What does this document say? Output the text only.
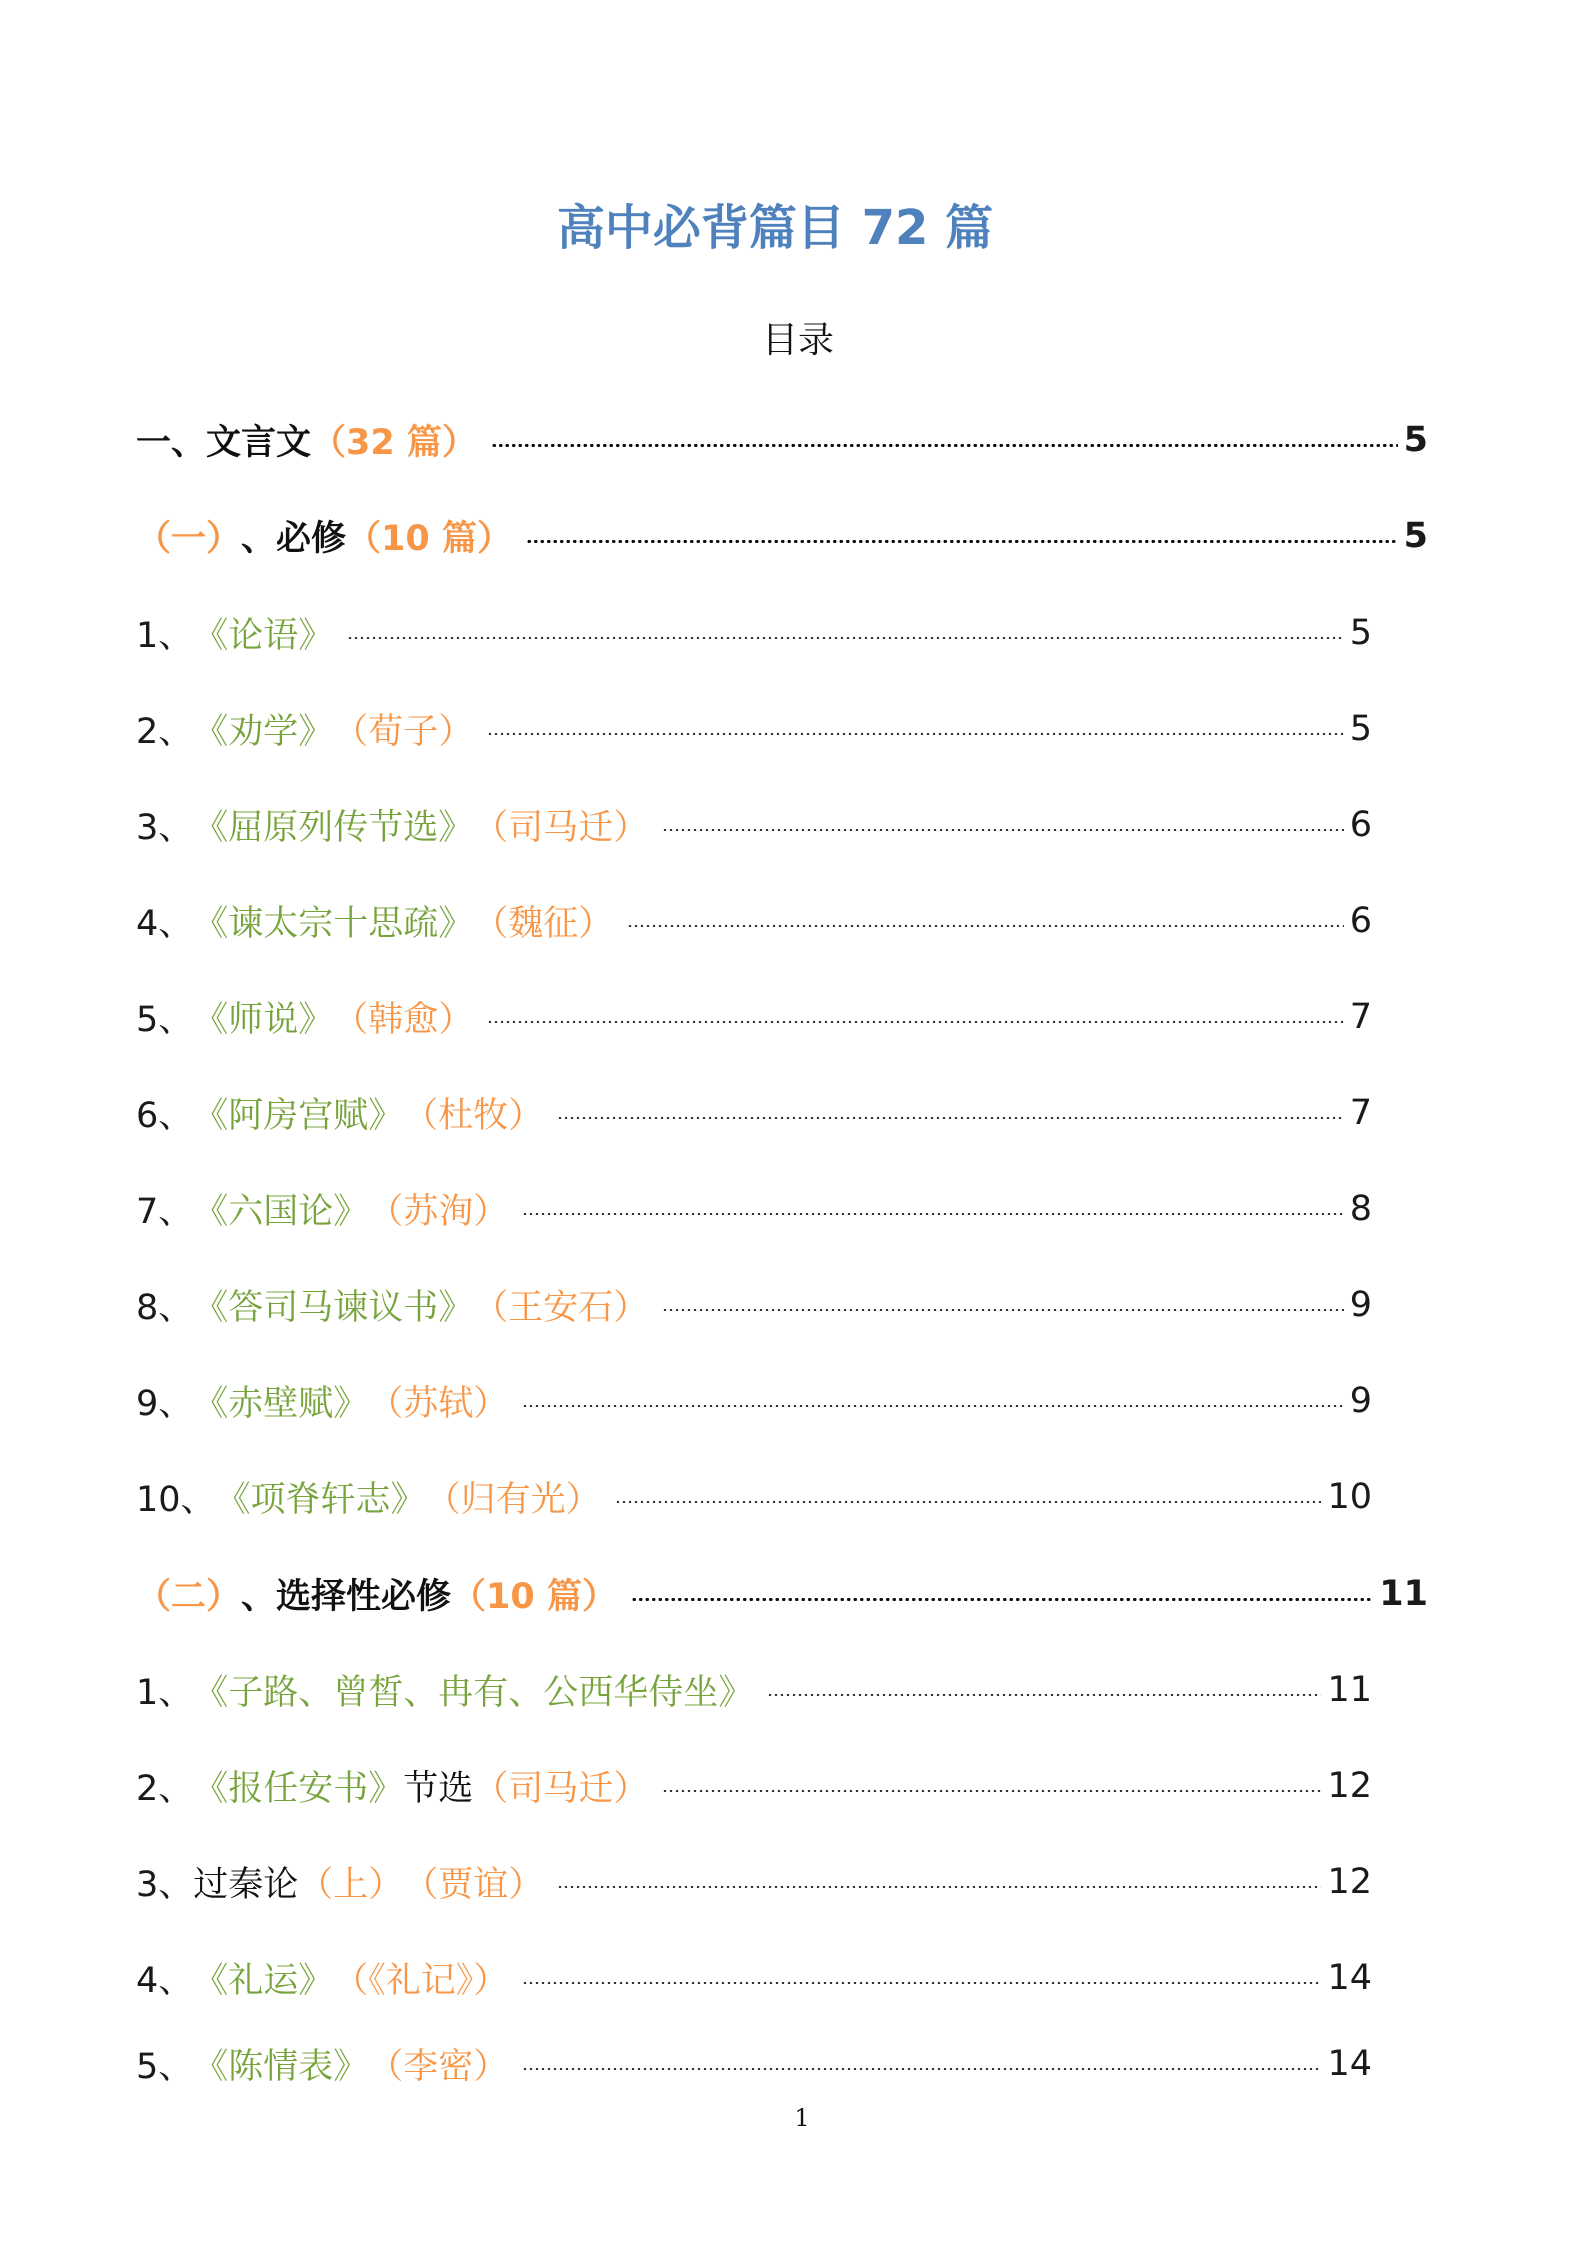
高中必背篇目 72 篇
目录
一、 文言文 （32 篇）	5
（一） 、 必修 （10 篇）	5
1、 《论语》	5
2、 《劝学》 （荀子）	5
3、 《屈原列传节选》 （司马迁）	6
4、 《谏太宗十思疏》 （魏征）	6
5、 《师说》 （韩愈）	7
6、 《阿房宫赋》 （杜牧）	7
7、 《六国论》 （苏洵）	8
8、 《答司马谏议书》 （王安石）	9
9、 《赤壁赋》 （苏轼）	9
10、 《项脊轩志》 （归有光）	10
（二） 、 选择性必修 （10 篇）	11
1、 《子路、曾皙、冉有、公西华侍坐》	11
2、 《报任安书》 节选 （司马迁）	12
3、 过秦论 （上） （贾谊）	12
4、 《礼运》 （《礼记》）	14
5、 《陈情表》 （李密）	14
1
